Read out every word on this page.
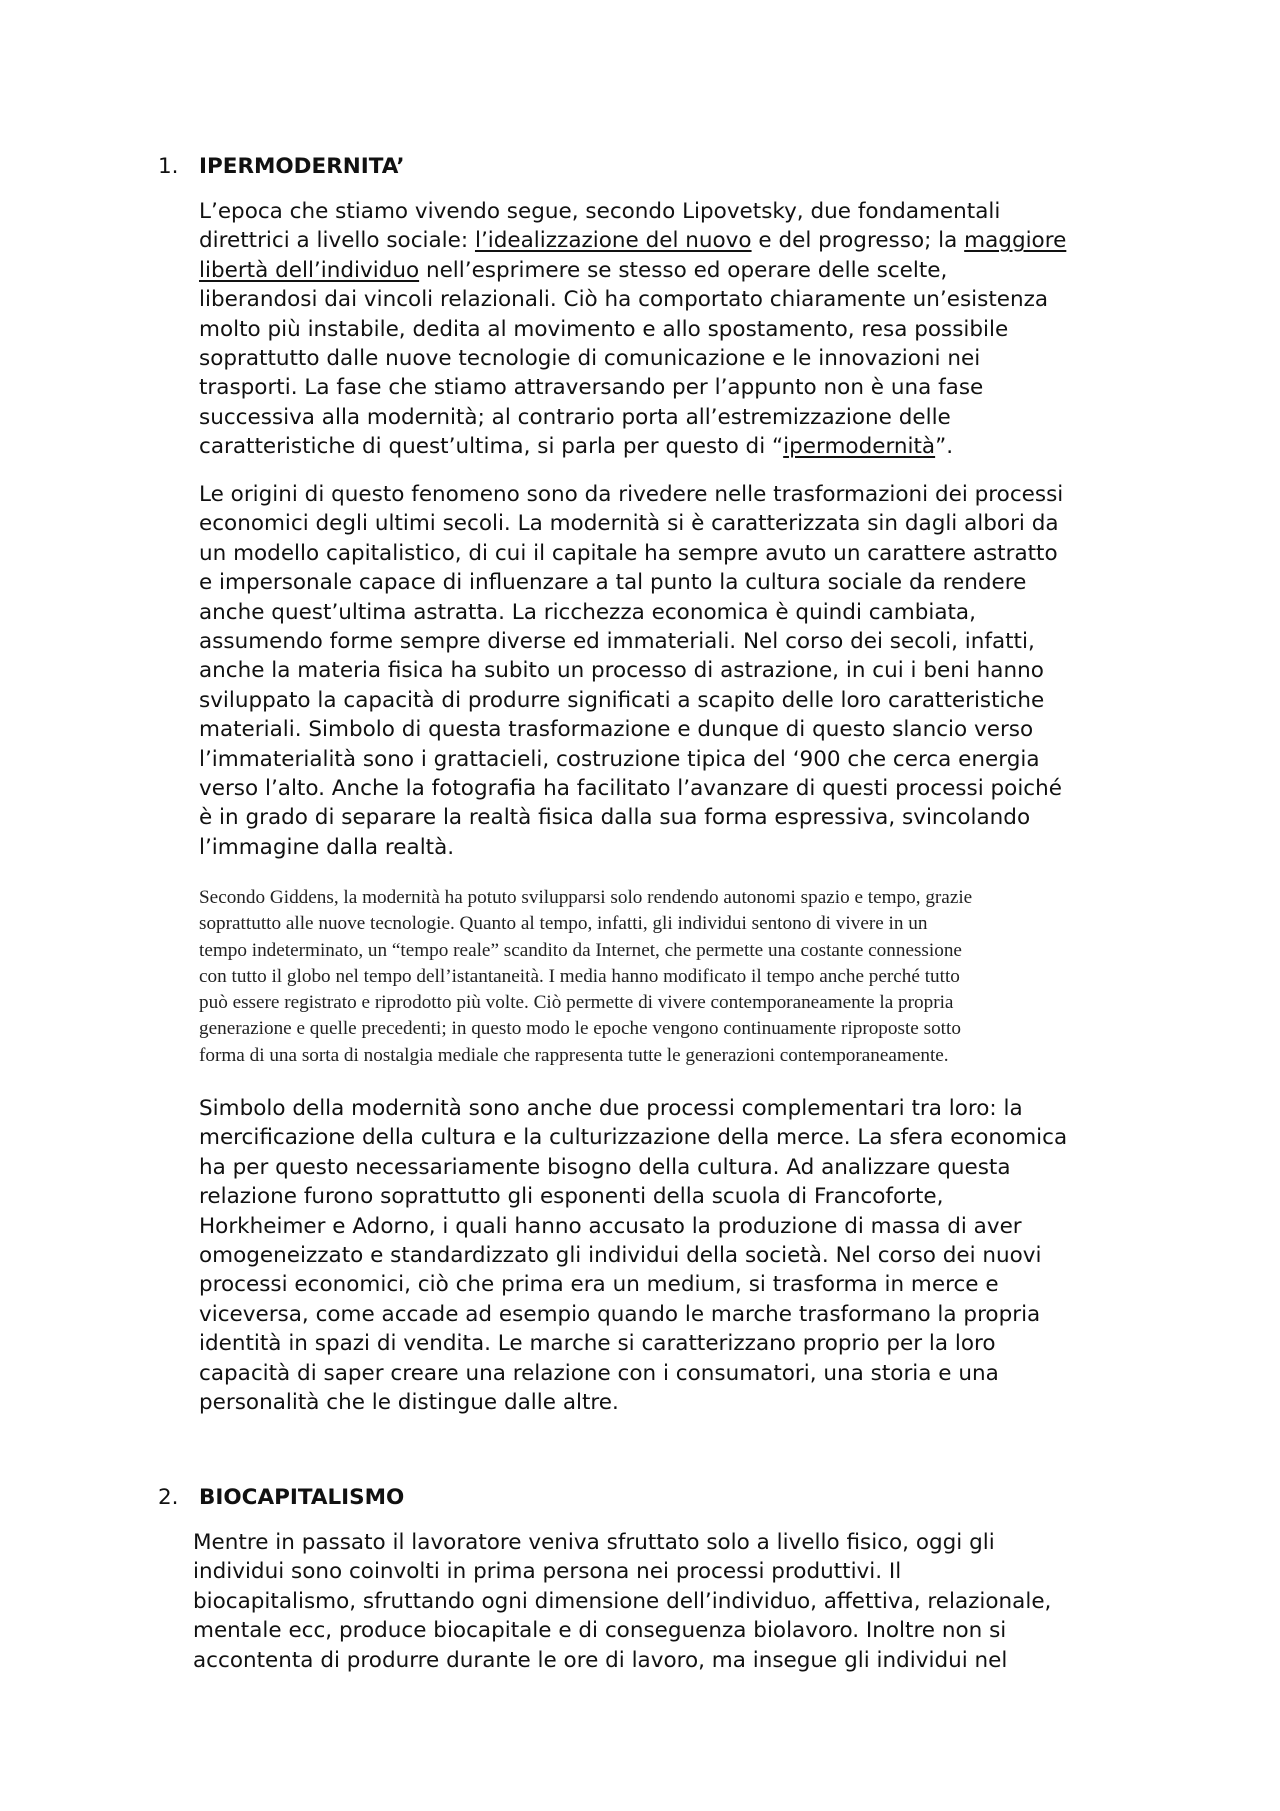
1. IPERMODERNITA’
L’epoca che stiamo vivendo segue, secondo Lipovetsky, due fondamentali
direttrici a livello sociale: l’idealizzazione del nuovo e del progresso; la maggiore
libertà dell’individuo nell’esprimere se stesso ed operare delle scelte,
liberandosi dai vincoli relazionali. Ciò ha comportato chiaramente un’esistenza
molto più instabile, dedita al movimento e allo spostamento, resa possibile
soprattutto dalle nuove tecnologie di comunicazione e le innovazioni nei
trasporti. La fase che stiamo attraversando per l’appunto non è una fase
successiva alla modernità; al contrario porta all’estremizzazione delle
caratteristiche di quest’ultima, si parla per questo di “ipermodernità”.
Le origini di questo fenomeno sono da rivedere nelle trasformazioni dei processi
economici degli ultimi secoli. La modernità si è caratterizzata sin dagli albori da
un modello capitalistico, di cui il capitale ha sempre avuto un carattere astratto
e impersonale capace di influenzare a tal punto la cultura sociale da rendere
anche quest’ultima astratta. La ricchezza economica è quindi cambiata,
assumendo forme sempre diverse ed immateriali. Nel corso dei secoli, infatti,
anche la materia fisica ha subito un processo di astrazione, in cui i beni hanno
sviluppato la capacità di produrre significati a scapito delle loro caratteristiche
materiali. Simbolo di questa trasformazione e dunque di questo slancio verso
l’immaterialità sono i grattacieli, costruzione tipica del ‘900 che cerca energia
verso l’alto. Anche la fotografia ha facilitato l’avanzare di questi processi poiché
è in grado di separare la realtà fisica dalla sua forma espressiva, svincolando
l’immagine dalla realtà.
Secondo Giddens, la modernità ha potuto svilupparsi solo rendendo autonomi spazio e tempo, grazie
soprattutto alle nuove tecnologie. Quanto al tempo, infatti, gli individui sentono di vivere in un
tempo indeterminato, un “tempo reale” scandito da Internet, che permette una costante connessione
con tutto il globo nel tempo dell’istantaneità. I media hanno modificato il tempo anche perché tutto
può essere registrato e riprodotto più volte. Ciò permette di vivere contemporaneamente la propria
generazione e quelle precedenti; in questo modo le epoche vengono continuamente riproposte sotto
forma di una sorta di nostalgia mediale che rappresenta tutte le generazioni contemporaneamente.
Simbolo della modernità sono anche due processi complementari tra loro: la
mercificazione della cultura e la culturizzazione della merce. La sfera economica
ha per questo necessariamente bisogno della cultura. Ad analizzare questa
relazione furono soprattutto gli esponenti della scuola di Francoforte,
Horkheimer e Adorno, i quali hanno accusato la produzione di massa di aver
omogeneizzato e standardizzato gli individui della società. Nel corso dei nuovi
processi economici, ciò che prima era un medium, si trasforma in merce e
viceversa, come accade ad esempio quando le marche trasformano la propria
identità in spazi di vendita. Le marche si caratterizzano proprio per la loro
capacità di saper creare una relazione con i consumatori, una storia e una
personalità che le distingue dalle altre.
2. BIOCAPITALISMO
Mentre in passato il lavoratore veniva sfruttato solo a livello fisico, oggi gli
individui sono coinvolti in prima persona nei processi produttivi. Il
biocapitalismo, sfruttando ogni dimensione dell’individuo, affettiva, relazionale,
mentale ecc, produce biocapitale e di conseguenza biolavoro. Inoltre non si
accontenta di produrre durante le ore di lavoro, ma insegue gli individui nel
